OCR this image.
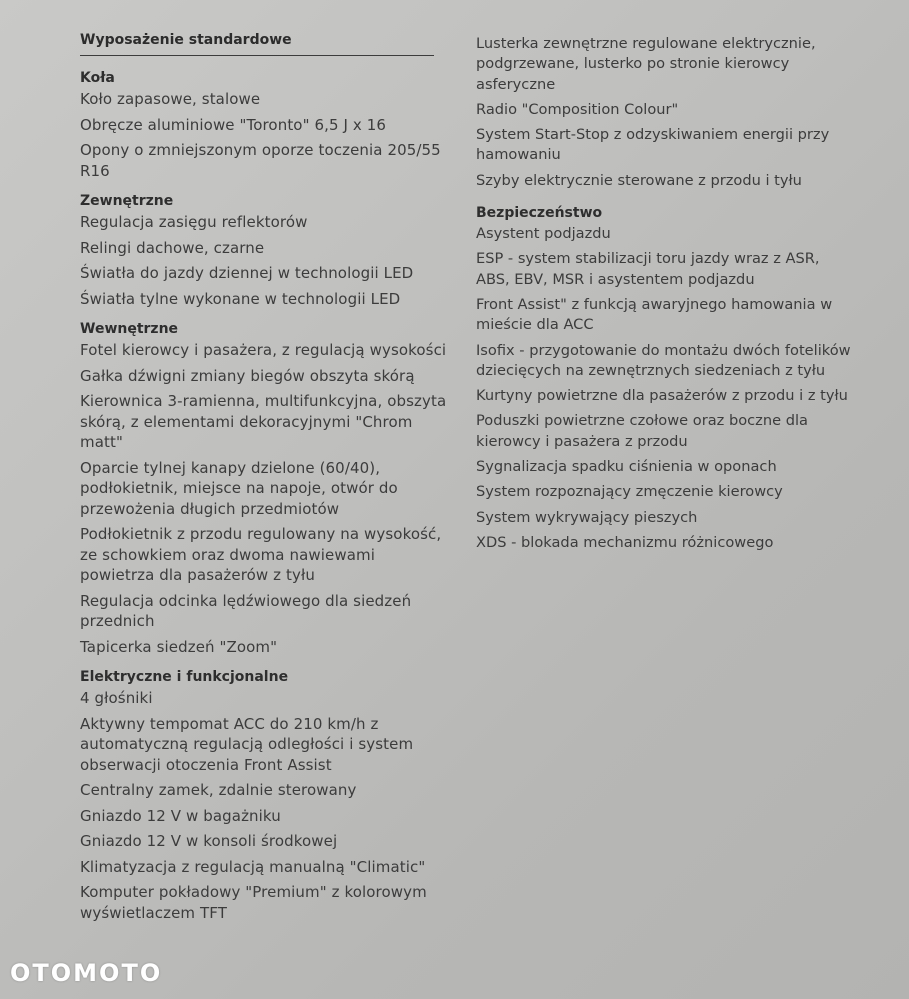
Wyposażenie standardowe
Koła
Koło zapasowe, stalowe
Obręcze aluminiowe "Toronto" 6,5 J x 16
Opony o zmniejszonym oporze toczenia 205/55 R16
Zewnętrzne
Regulacja zasięgu reflektorów
Relingi dachowe, czarne
Światła do jazdy dziennej w technologii LED
Światła tylne wykonane w technologii LED
Wewnętrzne
Fotel kierowcy i pasażera, z regulacją wysokości
Gałka dźwigni zmiany biegów obszyta skórą
Kierownica 3-ramienna, multifunkcyjna, obszyta skórą, z elementami dekoracyjnymi "Chrom matt"
Oparcie tylnej kanapy dzielone (60/40), podłokietnik, miejsce na napoje, otwór do przewożenia długich przedmiotów
Podłokietnik z przodu regulowany na wysokość, ze schowkiem oraz dwoma nawiewami powietrza dla pasażerów z tyłu
Regulacja odcinka lędźwiowego dla siedzeń przednich
Tapicerka siedzeń "Zoom"
Elektryczne i funkcjonalne
4 głośniki
Aktywny tempomat ACC do 210 km/h z automatyczną regulacją odległości i system obserwacji otoczenia Front Assist
Centralny zamek, zdalnie sterowany
Gniazdo 12 V w bagażniku
Gniazdo 12 V w konsoli środkowej
Klimatyzacja z regulacją manualną "Climatic"
Komputer pokładowy "Premium" z kolorowym wyświetlaczem TFT
Lusterka zewnętrzne regulowane elektrycznie, podgrzewane, lusterko po stronie kierowcy asferyczne
Radio "Composition Colour"
System Start-Stop z odzyskiwaniem energii przy hamowaniu
Szyby elektrycznie sterowane z przodu i tyłu
Bezpieczeństwo
Asystent podjazdu
ESP - system stabilizacji toru jazdy wraz z ASR, ABS, EBV, MSR i asystentem podjazdu
Front Assist" z funkcją awaryjnego hamowania w mieście dla ACC
Isofix - przygotowanie do montażu dwóch fotelików dziecięcych na zewnętrznych siedzeniach z tyłu
Kurtyny powietrzne dla pasażerów z przodu i z tyłu
Poduszki powietrzne czołowe oraz boczne dla kierowcy i pasażera z przodu
Sygnalizacja spadku ciśnienia w oponach
System rozpoznający zmęczenie kierowcy
System wykrywający pieszych
XDS - blokada mechanizmu różnicowego
OTOMOTO
